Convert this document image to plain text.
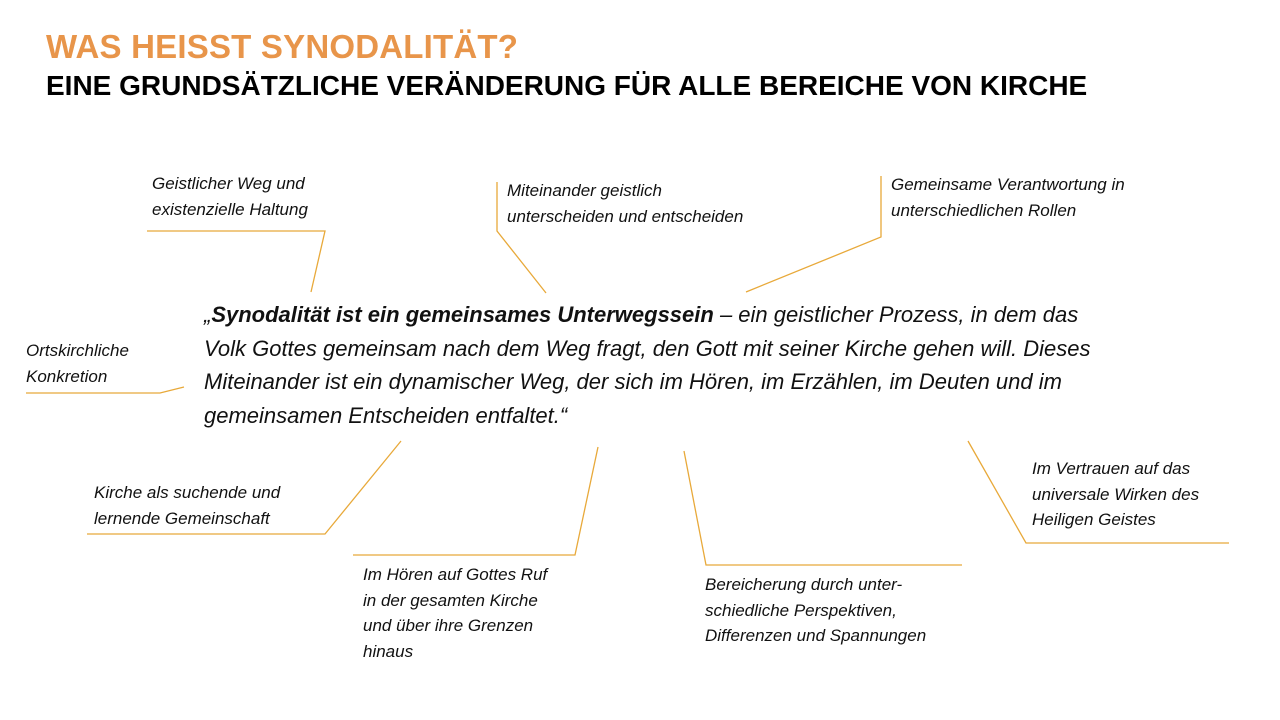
WAS HEISST SYNODALITÄT?
EINE GRUNDSÄTZLICHE VERÄNDERUNG FÜR ALLE BEREICHE VON KIRCHE

„Synodalität ist ein gemeinsames Unterwegssein – ein geistlicher Prozess, in dem das Volk Gottes gemeinsam nach dem Weg fragt, den Gott mit seiner Kirche gehen will. Dieses Miteinander ist ein dynamischer Weg, der sich im Hören, im Erzählen, im Deuten und im gemeinsamen Entscheiden entfaltet.“

Geistlicher Weg und
existenzielle Haltung
Miteinander geistlich
unterscheiden und entscheiden
Gemeinsame Verantwortung in
unterschiedlichen Rollen
Ortskirchliche
Konkretion
Kirche als suchende und
lernende Gemeinschaft
Im Hören auf Gottes Ruf
in der gesamten Kirche
und über ihre Grenzen
hinaus
Bereicherung durch unter-
schiedliche Perspektiven,
Differenzen und Spannungen
Im Vertrauen auf das
universale Wirken des
Heiligen Geistes
